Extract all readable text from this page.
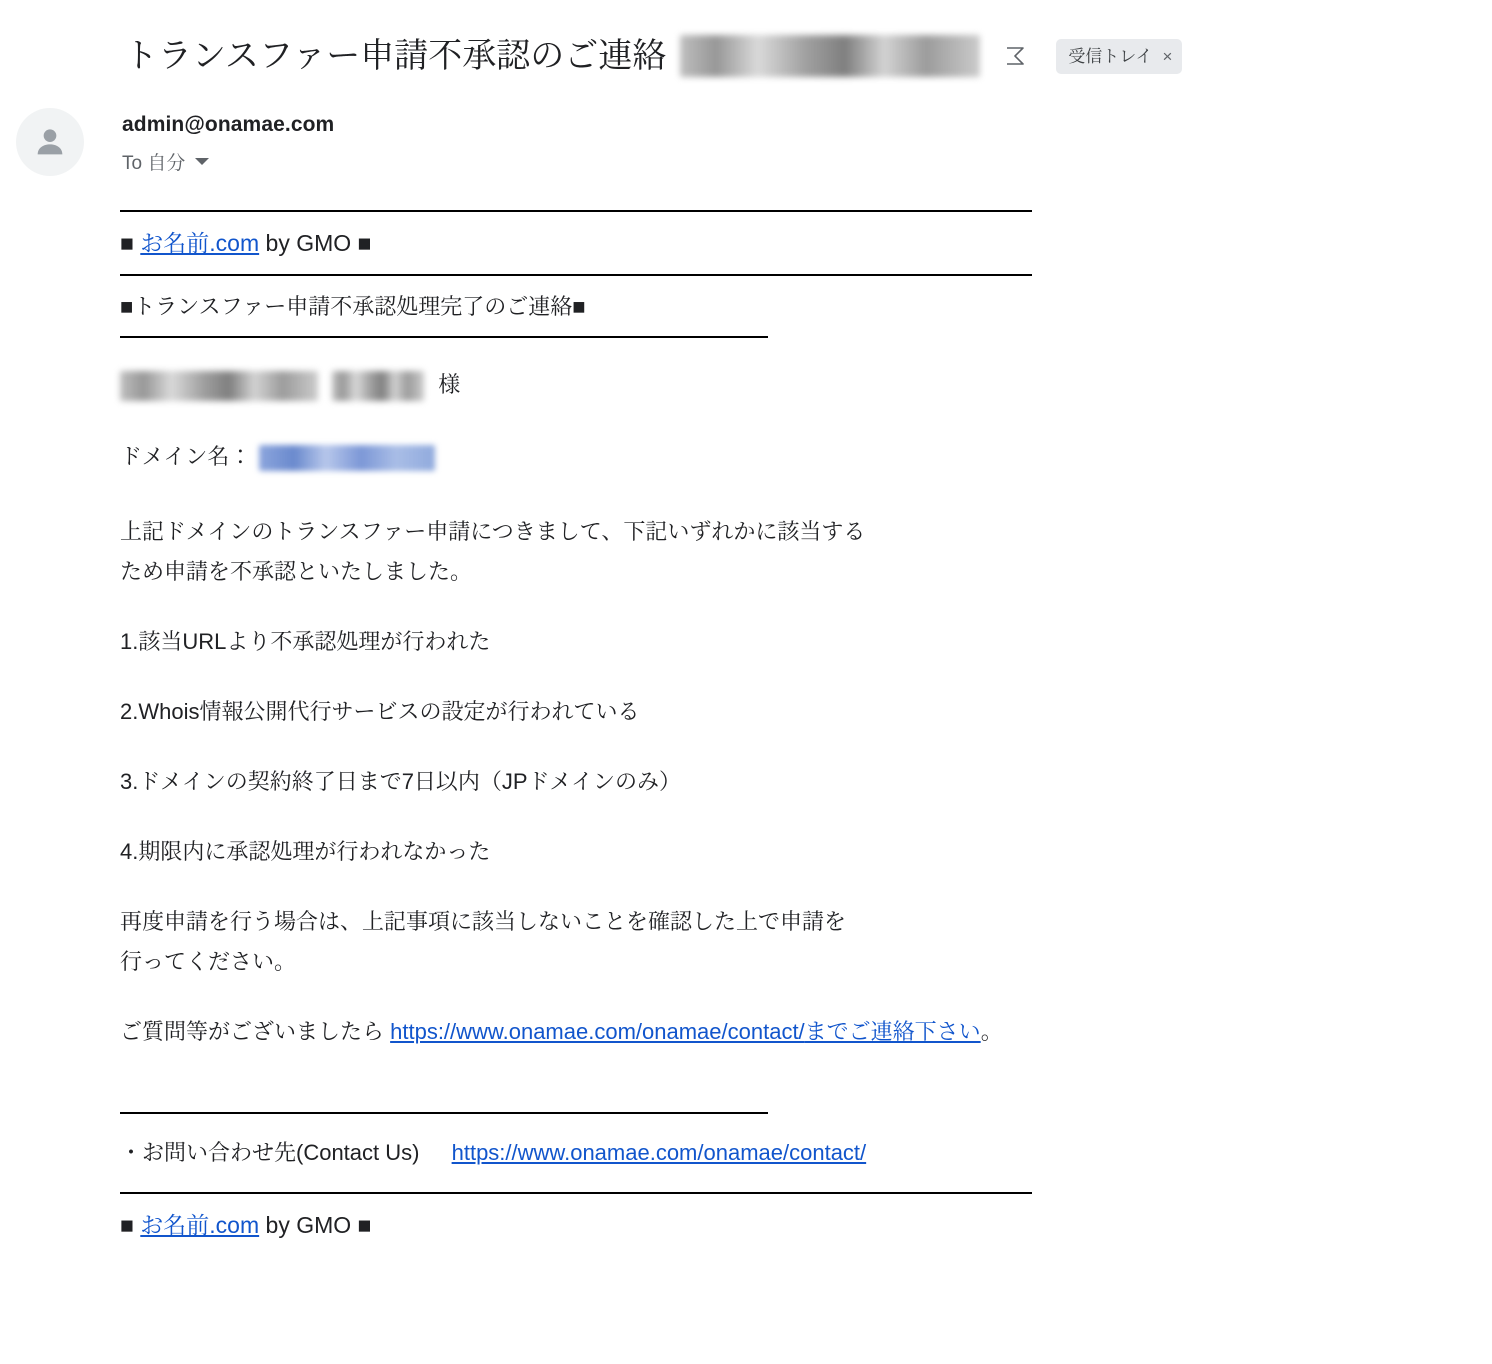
トランスファー申請不承認のご連絡	受信トレイ ×
admin@onamae.com
To 自分
■ お名前.com by GMO ■
■トランスファー申請不承認処理完了のご連絡■
様
ドメイン名：

上記ドメインのトランスファー申請につきまして、下記いずれかに該当する

ため申請を不承認といたしました。

1.該当URLより不承認処理が行われた

2.Whois情報公開代行サービスの設定が行われている

3.ドメインの契約終了日まで7日以内（JPドメインのみ）

4.期限内に承認処理が行われなかった

再度申請を行う場合は、上記事項に該当しないことを確認した上で申請を

行ってください。

ご質問等がございましたら https://www.onamae.com/onamae/contact/までご連絡下さい。

・お問い合わせ先(Contact Us) https://www.onamae.com/onamae/contact/
■ お名前.com by GMO ■
